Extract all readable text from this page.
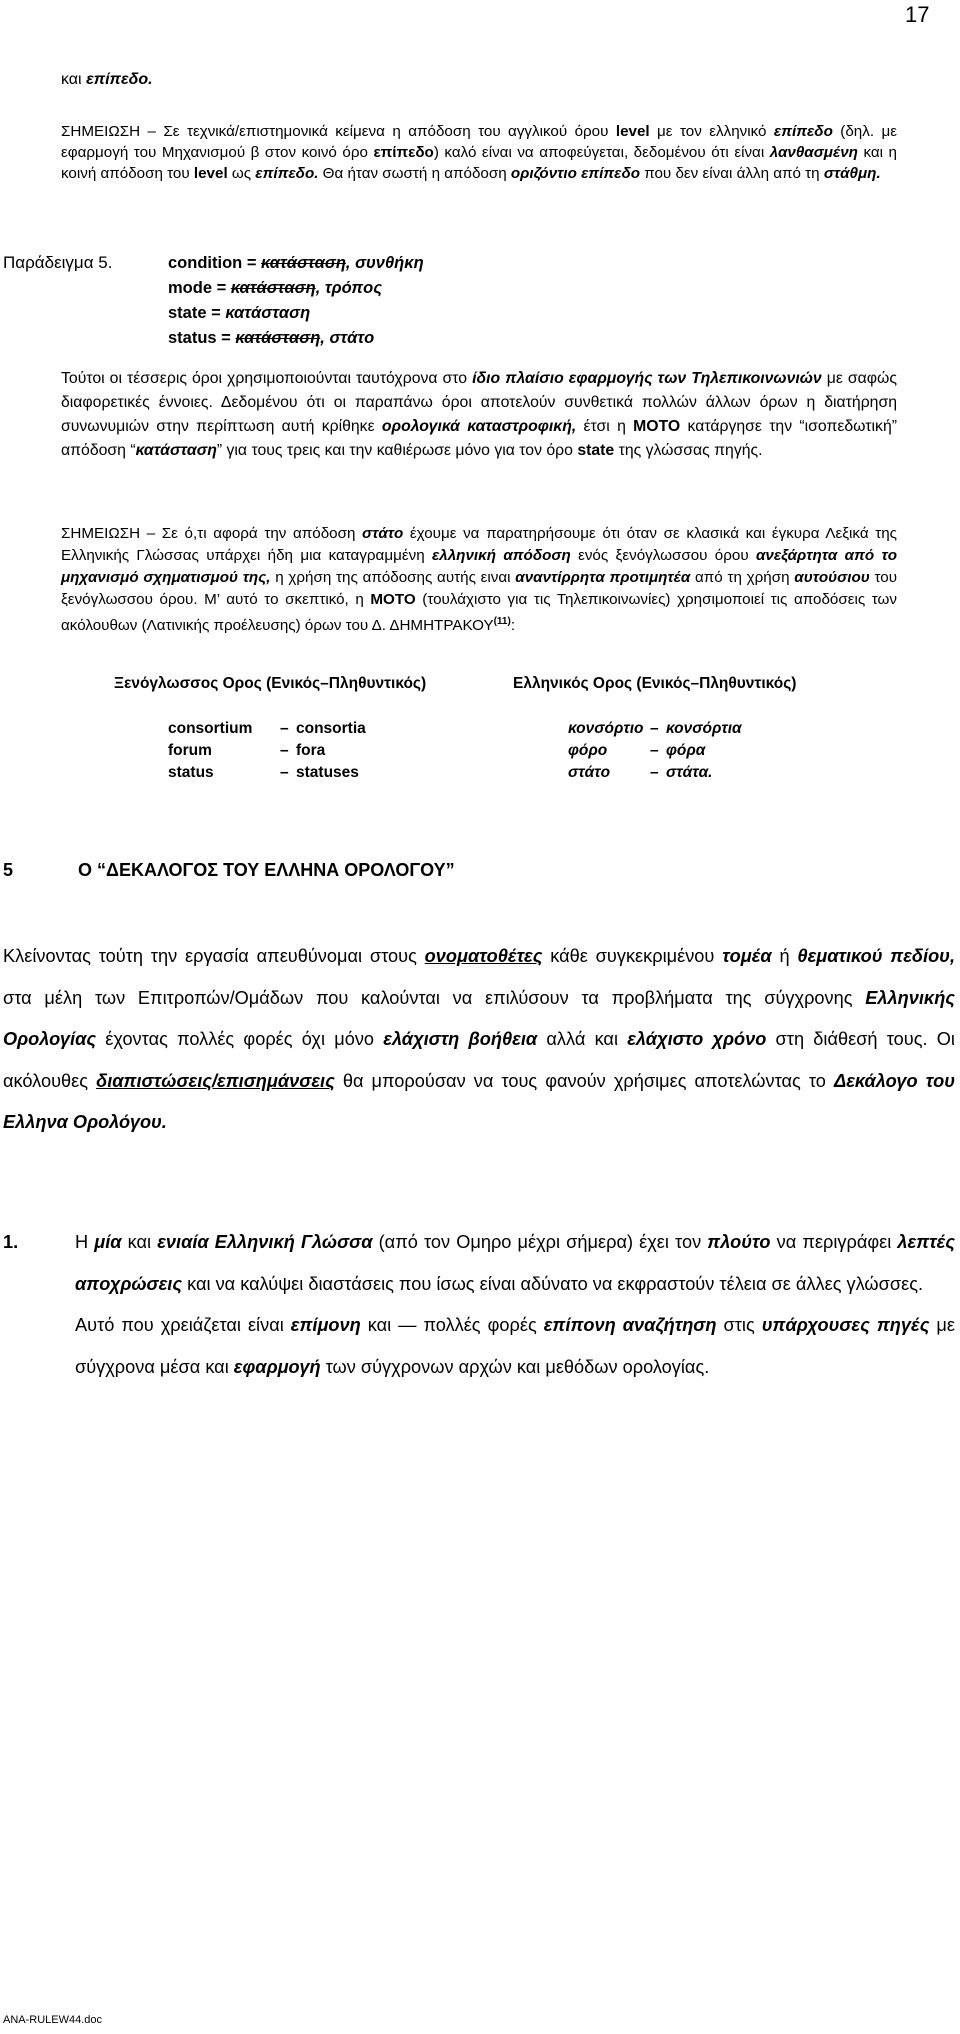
17

και επίπεδο.

ΣΗΜΕΙΩΣΗ – Σε τεχνικά/επιστημονικά κείμενα η απόδοση του αγγλικού όρου level με τον ελληνικό επίπεδο (δηλ. με εφαρμογή του Μηχανισμού β στον κοινό όρο επίπεδο) καλό είναι να αποφεύγεται, δεδομένου ότι είναι λανθασμένη και η κοινή απόδοση του level ως επίπεδο. Θα ήταν σωστή η απόδοση οριζόντιο επίπεδο που δεν είναι άλλη από τη στάθμη.

Παράδειγμα 5.	condition = κατάσταση, συνθήκη
mode = κατάσταση, τρόπος
state = κατάσταση
status = κατάσταση, στάτο

Τούτοι οι τέσσερις όροι χρησιμοποιούνται ταυτόχρονα στο ίδιο πλαίσιο εφαρμογής των Τηλεπικοινωνιών με σαφώς διαφορετικές έννοιες. Δεδομένου ότι οι παραπάνω όροι αποτελούν συνθετικά πολλών άλλων όρων η διατήρηση συνωνυμιών στην περίπτωση αυτή κρίθηκε ορολογικά καταστροφική, έτσι η ΜΟΤΟ κατάργησε την “ισοπεδωτική” απόδοση “κατάσταση” για τους τρεις και την καθιέρωσε μόνο για τον όρο state της γλώσσας πηγής.

ΣΗΜΕΙΩΣΗ – Σε ό,τι αφορά την απόδοση στάτο έχουμε να παρατηρήσουμε ότι όταν σε κλασικά και έγκυρα Λεξικά της Ελληνικής Γλώσσας υπάρχει ήδη μια καταγραμμένη ελληνική απόδοση ενός ξενόγλωσσου όρου ανεξάρτητα από το μηχανισμό σχηματισμού της, η χρήση της απόδοσης αυτής ειναι αναντίρρητα προτιμητέα από τη χρήση αυτούσιου του ξενόγλωσσου όρου. Μ’ αυτό το σκεπτικό, η ΜΟΤΟ (τουλάχιστο για τις Τηλεπικοινωνίες) χρησιμοποιεί τις αποδόσεις των ακόλουθων (Λατινικής προέλευσης) όρων του Δ. ΔΗΜΗΤΡΑΚΟΥ$^{(11)}$:

Ξενόγλωσσος Ορος (Ενικός–Πληθυντικός)	Ελληνικός Ορος (Ενικός–Πληθυντικός)
consortium – consortia	κονσόρτιο – κονσόρτια
forum	– fora	φόρο	– φόρα
status	– statuses	στάτο	– στάτα.
5	Ο “ΔΕΚΑΛΟΓΟΣ ΤΟΥ ΕΛΛΗΝΑ ΟΡΟΛΟΓΟΥ”

Κλείνοντας τούτη την εργασία απευθύνομαι στους ονοματοθέτες κάθε συγκεκριμένου τομέα ή θεματικού πεδίου, στα μέλη των Επιτροπών/Ομάδων που καλούνται να επιλύσουν τα προβλήματα της σύγχρονης Ελληνικής Ορολογίας έχοντας πολλές φορές όχι μόνο ελάχιστη βοήθεια αλλά και ελάχιστο χρόνο στη διάθεσή τους. Οι ακόλουθες διαπιστώσεις/επισημάνσεις θα μπορούσαν να τους φανούν χρήσιμες αποτελώντας το Δεκάλογο του Ελληνα Ορολόγου.

1.	Η μία και ενιαία Ελληνική Γλώσσα (από τον Ομηρο μέχρι σήμερα) έχει τον πλούτο να περιγράφει λεπτές αποχρώσεις και να καλύψει διαστάσεις που ίσως είναι αδύνατο να εκφραστούν τέλεια σε άλλες γλώσσες.

Αυτό που χρειάζεται είναι επίμονη και — πολλές φορές επίπονη αναζήτηση στις υπάρχουσες πηγές με σύγχρονα μέσα και εφαρμογή των σύγχρονων αρχών και μεθόδων ορολογίας.

ANA-RULEW44.doc
